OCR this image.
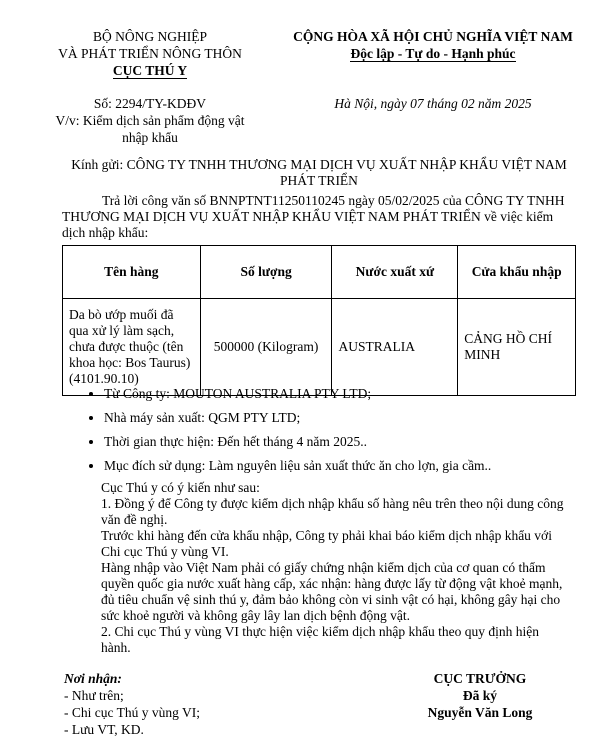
BỘ NÔNG NGHIỆP
VÀ PHÁT TRIỂN NÔNG THÔN
CỤC THÚ Y
CỘNG HÒA XÃ HỘI CHỦ NGHĨA VIỆT NAM
Độc lập - Tự do - Hạnh phúc
Số: 2294/TY-KDĐV
V/v: Kiểm dịch sản phẩm động vật
nhập khẩu
Hà Nội, ngày 07 tháng 02 năm 2025
Kính gửi: CÔNG TY TNHH THƯƠNG MẠI DỊCH VỤ XUẤT NHẬP KHẨU VIỆT NAM
PHÁT TRIỂN
Trả lời công văn số BNNPTNT11250110245 ngày 05/02/2025 của CÔNG TY TNHH
THƯƠNG MẠI DỊCH VỤ XUẤT NHẬP KHẨU VIỆT NAM PHÁT TRIỂN về việc kiểm
dịch nhập khẩu:
Tên hàng	Số lượng	Nước xuất xứ	Cửa khẩu nhập
Da bò ướp muối đã qua xử lý làm sạch, chưa được thuộc (tên khoa học: Bos Taurus) (4101.90.10)	500000 (Kilogram)	AUSTRALIA	CẢNG HỒ CHÍ MINH
• Từ Công ty: MOUTON AUSTRALIA PTY LTD;
• Nhà máy sản xuất: QGM PTY LTD;
• Thời gian thực hiện: Đến hết tháng 4 năm 2025..
• Mục đích sử dụng: Làm nguyên liệu sản xuất thức ăn cho lợn, gia cầm..
Cục Thú y có ý kiến như sau:
1. Đồng ý để Công ty được kiểm dịch nhập khẩu số hàng nêu trên theo nội dung công
văn đề nghị.
Trước khi hàng đến cửa khẩu nhập, Công ty phải khai báo kiểm dịch nhập khẩu với
Chi cục Thú y vùng VI.
Hàng nhập vào Việt Nam phải có giấy chứng nhận kiểm dịch của cơ quan có thẩm
quyền quốc gia nước xuất hàng cấp, xác nhận: hàng được lấy từ động vật khoẻ mạnh,
đủ tiêu chuẩn vệ sinh thú y, đảm bảo không còn vi sinh vật có hại, không gây hại cho
sức khoẻ người và không gây lây lan dịch bệnh động vật.
2. Chi cục Thú y vùng VI thực hiện việc kiểm dịch nhập khẩu theo quy định hiện
hành.
Nơi nhận:
- Như trên;
- Chi cục Thú y vùng VI;
- Lưu VT, KD.
CỤC TRƯỞNG
Đã ký
Nguyễn Văn Long
